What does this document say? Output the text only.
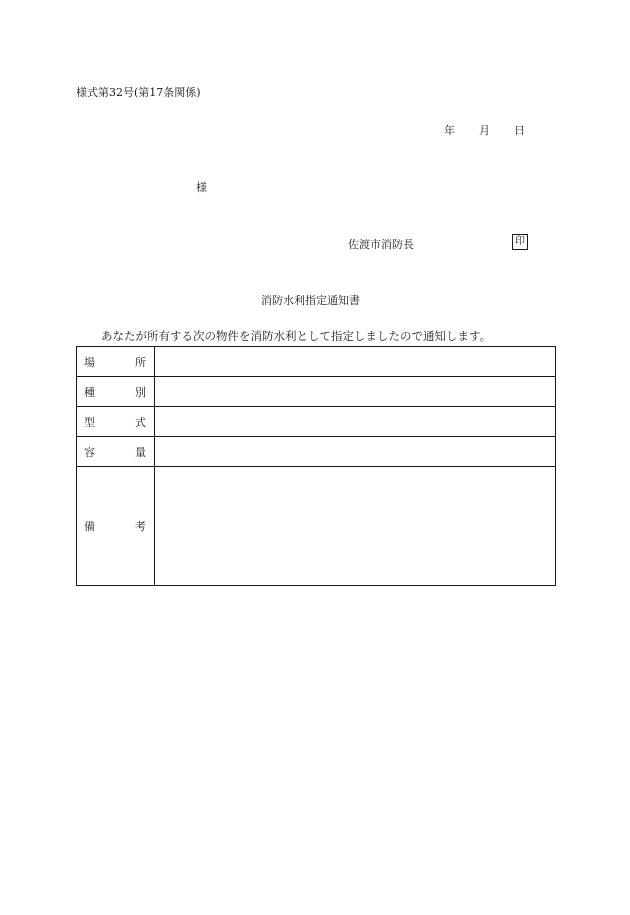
様式第32号(第17条関係)
年 月 日
様
佐渡市消防長	印
消防水利指定通知書
あなたが所有する次の物件を消防水利として指定しましたので通知します。
場 所	

種 別	

型 式	

容 量	

備 考	
